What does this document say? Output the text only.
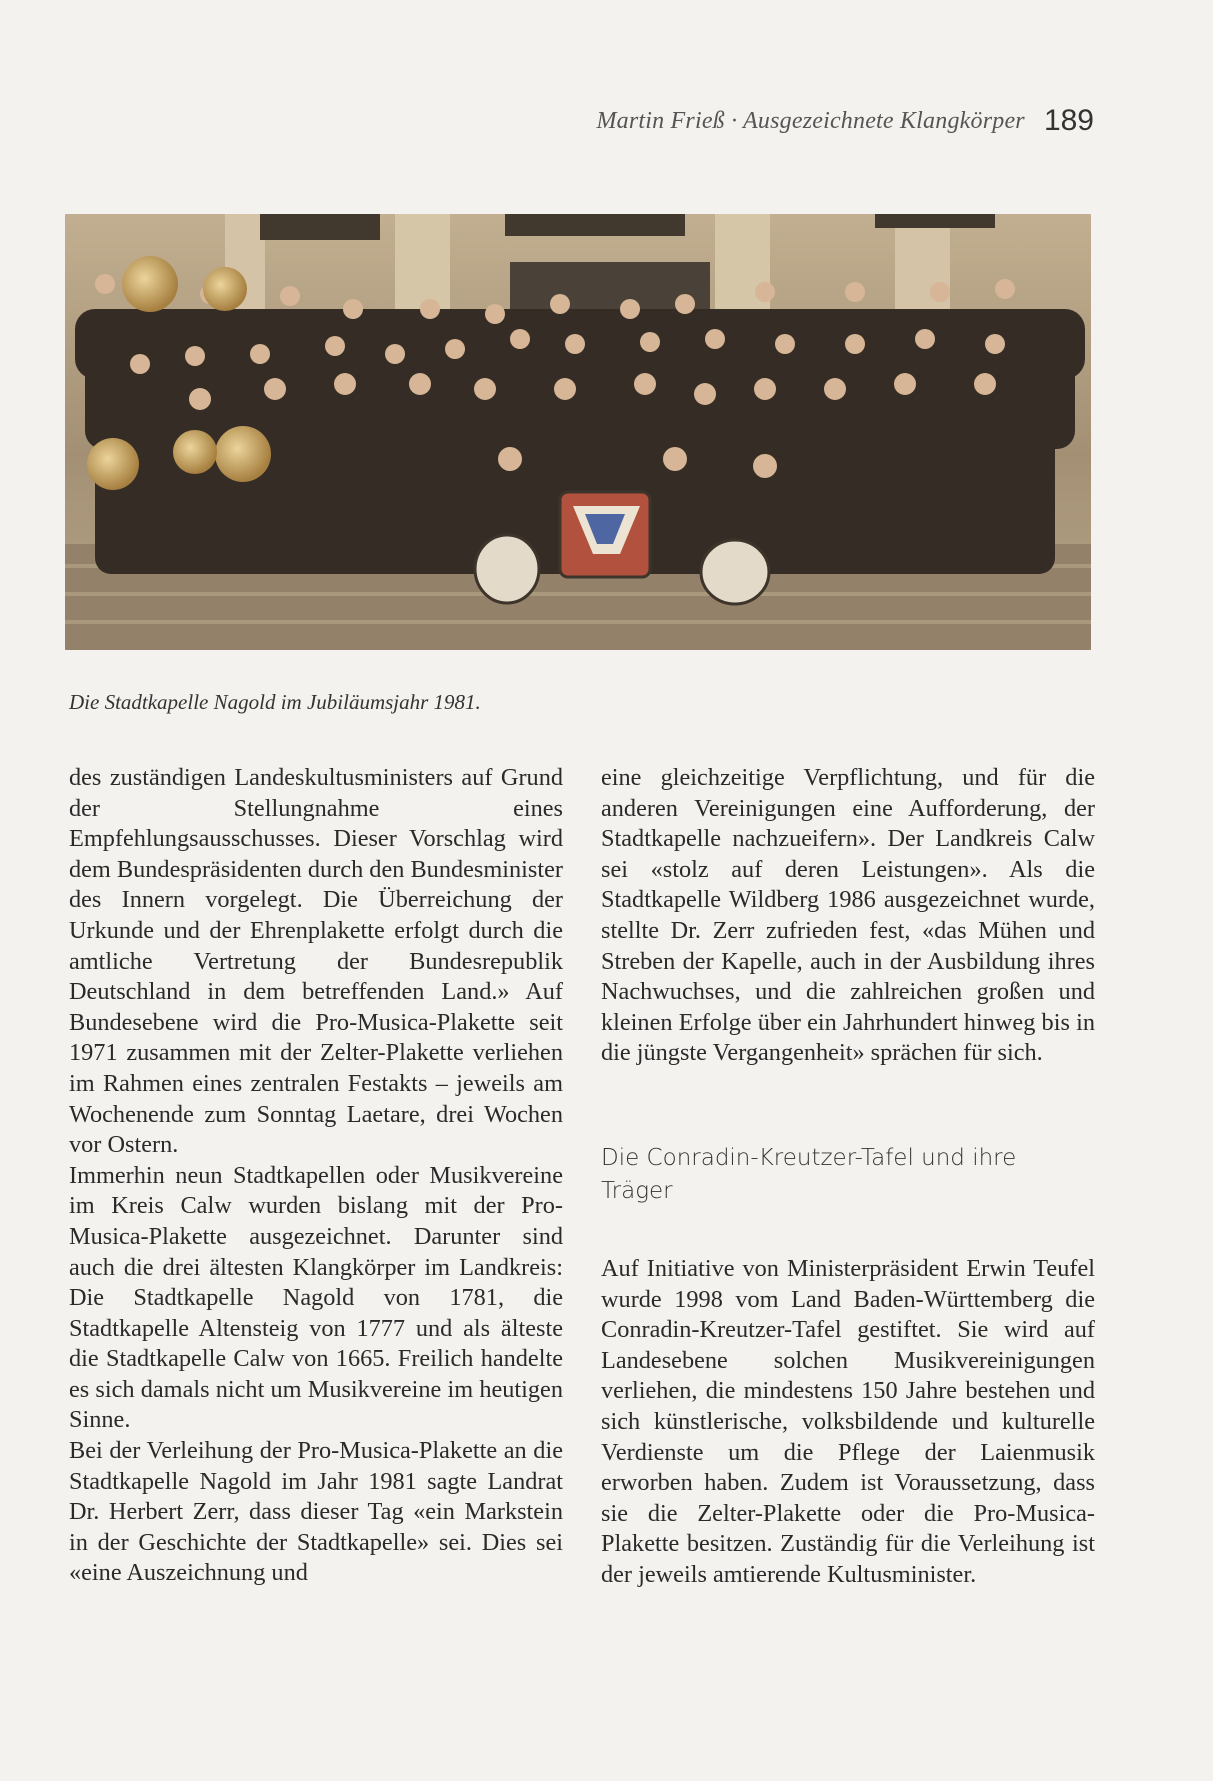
Martin Frieß · Ausgezeichnete Klangkörper 189
Die Stadtkapelle Nagold im Jubiläumsjahr 1981.

des zuständigen Landeskultusministers auf Grund der Stellungnahme eines Empfehlungsausschusses. Dieser Vorschlag wird dem Bundespräsidenten durch den Bundesminister des Innern vorgelegt. Die Überreichung der Urkunde und der Ehrenplakette erfolgt durch die amtliche Vertretung der Bundesrepublik Deutschland in dem betreffenden Land.» Auf Bundesebene wird die Pro-Musica-Plakette seit 1971 zusammen mit der Zelter-Plakette verliehen im Rahmen eines zentralen Festakts – jeweils am Wochenende zum Sonntag Laetare, drei Wochen vor Ostern.

Immerhin neun Stadtkapellen oder Musikvereine im Kreis Calw wurden bislang mit der Pro-Musica-Plakette ausgezeichnet. Darunter sind auch die drei ältesten Klangkörper im Landkreis: Die Stadtkapelle Nagold von 1781, die Stadtkapelle Altensteig von 1777 und als älteste die Stadtkapelle Calw von 1665. Freilich handelte es sich damals nicht um Musikvereine im heutigen Sinne.

Bei der Verleihung der Pro-Musica-Plakette an die Stadtkapelle Nagold im Jahr 1981 sagte Landrat Dr. Herbert Zerr, dass dieser Tag «ein Markstein in der Geschichte der Stadtkapelle» sei. Dies sei «eine Auszeichnung und

eine gleichzeitige Verpflichtung, und für die anderen Vereinigungen eine Aufforderung, der Stadtkapelle nachzueifern». Der Landkreis Calw sei «stolz auf deren Leistungen». Als die Stadtkapelle Wildberg 1986 ausgezeichnet wurde, stellte Dr. Zerr zufrieden fest, «das Mühen und Streben der Kapelle, auch in der Ausbildung ihres Nachwuchses, und die zahlreichen großen und kleinen Erfolge über ein Jahrhundert hinweg bis in die jüngste Vergangenheit» sprächen für sich.

Die Conradin-Kreutzer-Tafel und ihre Träger

Auf Initiative von Ministerpräsident Erwin Teufel wurde 1998 vom Land Baden-Württemberg die Conradin-Kreutzer-Tafel gestiftet. Sie wird auf Landesebene solchen Musikvereinigungen verliehen, die mindestens 150 Jahre bestehen und sich künstlerische, volksbildende und kulturelle Verdienste um die Pflege der Laienmusik erworben haben. Zudem ist Voraussetzung, dass sie die Zelter-Plakette oder die Pro-Musica-Plakette besitzen. Zuständig für die Verleihung ist der jeweils amtierende Kultusminister.
